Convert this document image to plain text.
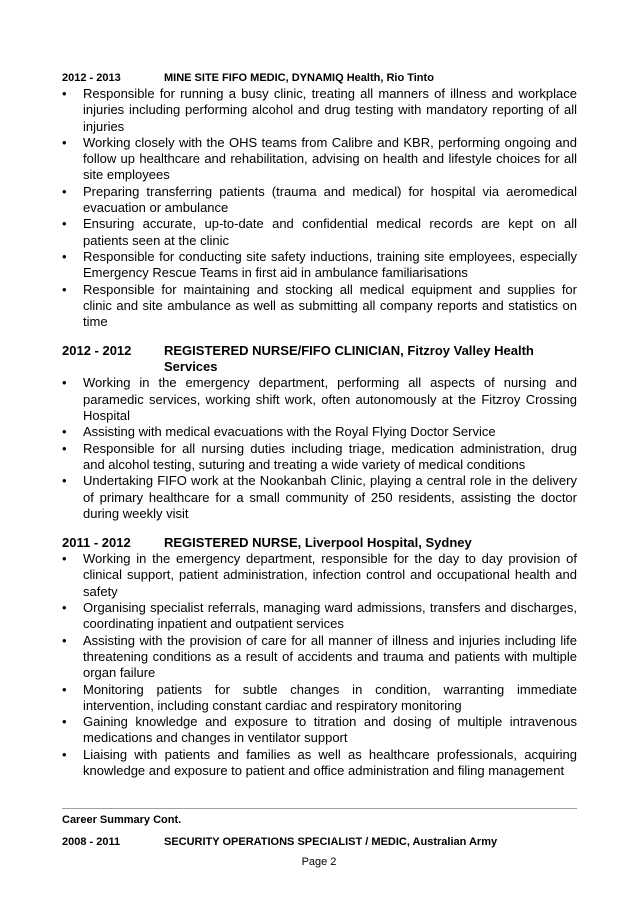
2012 - 2013	MINE SITE FIFO MEDIC, DYNAMIQ Health, Rio Tinto
• Responsible for running a busy clinic, treating all manners of illness and workplace injuries including performing alcohol and drug testing with mandatory reporting of all injuries
• Working closely with the OHS teams from Calibre and KBR, performing ongoing and follow up healthcare and rehabilitation, advising on health and lifestyle choices for all site employees
• Preparing transferring patients (trauma and medical) for hospital via aeromedical evacuation or ambulance
• Ensuring accurate, up-to-date and confidential medical records are kept on all patients seen at the clinic
• Responsible for conducting site safety inductions, training site employees, especially Emergency Rescue Teams in first aid in ambulance familiarisations
• Responsible for maintaining and stocking all medical equipment and supplies for clinic and site ambulance as well as submitting all company reports and statistics on time
2012 - 2012	REGISTERED NURSE/FIFO CLINICIAN, Fitzroy Valley Health Services
• Working in the emergency department, performing all aspects of nursing and paramedic services, working shift work, often autonomously at the Fitzroy Crossing Hospital
• Assisting with medical evacuations with the Royal Flying Doctor Service
• Responsible for all nursing duties including triage, medication administration, drug and alcohol testing, suturing and treating a wide variety of medical conditions
• Undertaking FIFO work at the Nookanbah Clinic, playing a central role in the delivery of primary healthcare for a small community of 250 residents, assisting the doctor during weekly visit
2011 - 2012	REGISTERED NURSE, Liverpool Hospital, Sydney
• Working in the emergency department, responsible for the day to day provision of clinical support, patient administration, infection control and occupational health and safety
• Organising specialist referrals, managing ward admissions, transfers and discharges, coordinating inpatient and outpatient services
• Assisting with the provision of care for all manner of illness and injuries including life threatening conditions as a result of accidents and trauma and patients with multiple organ failure
• Monitoring patients for subtle changes in condition, warranting immediate intervention, including constant cardiac and respiratory monitoring
• Gaining knowledge and exposure to titration and dosing of multiple intravenous medications and changes in ventilator support
• Liaising with patients and families as well as healthcare professionals, acquiring knowledge and exposure to patient and office administration and filing management
Career Summary Cont.
2008 - 2011	SECURITY OPERATIONS SPECIALIST / MEDIC, Australian Army
Page 2
